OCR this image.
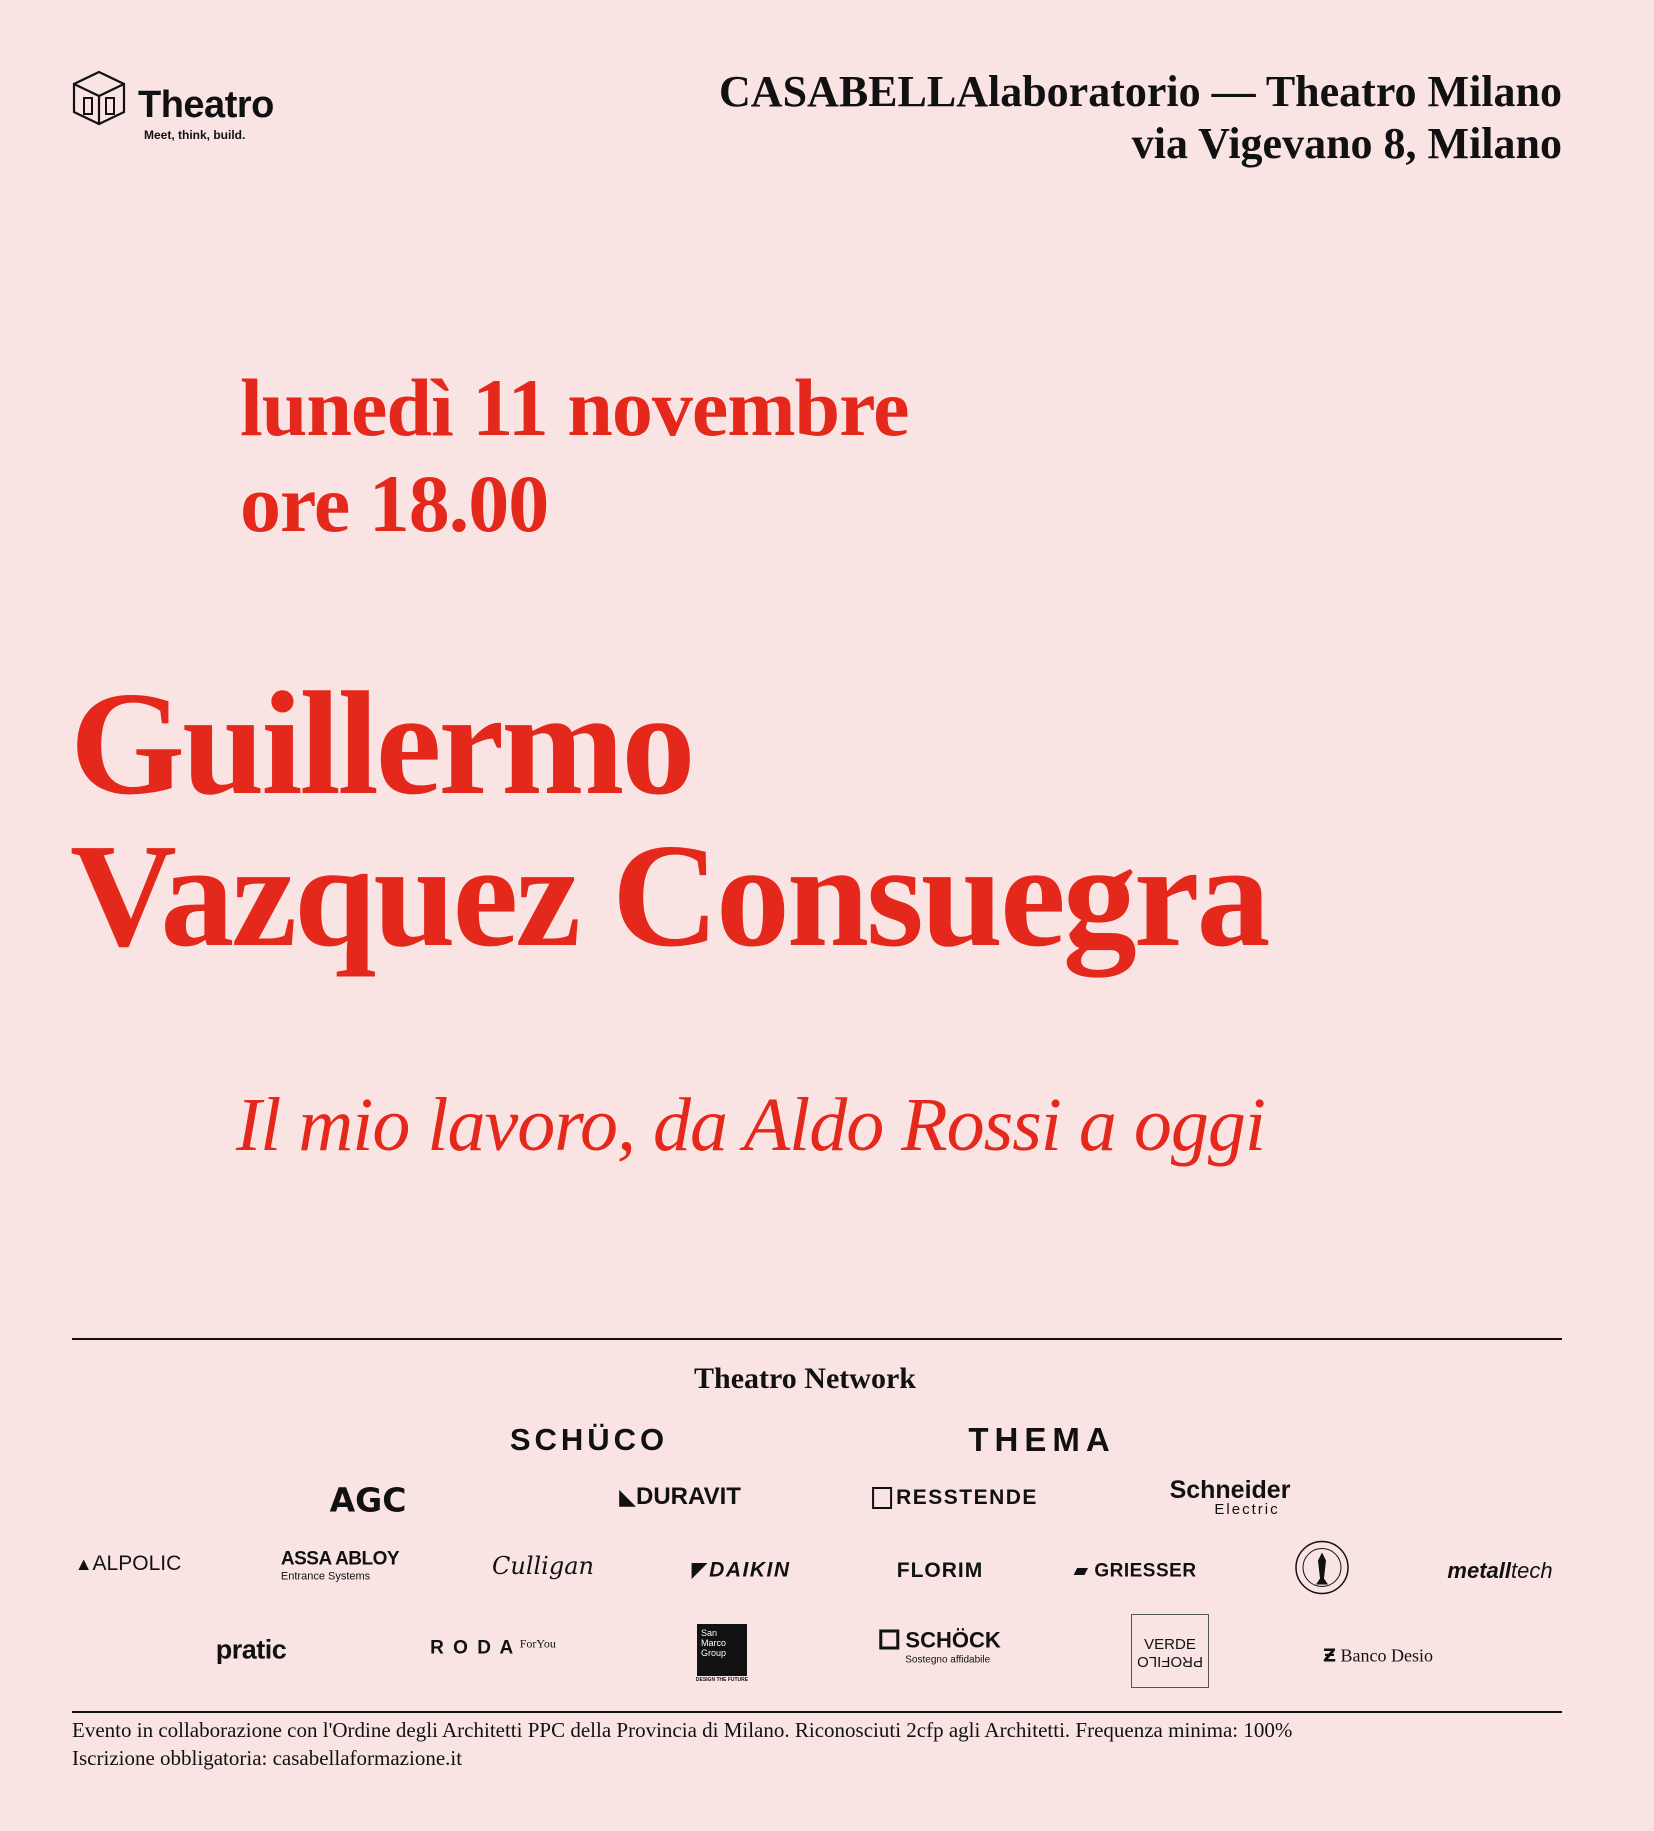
Theatro
Meet, think, build.
CASABELLAlaboratorio — Theatro Milano
via Vigevano 8, Milano
lunedì 11 novembre
ore 18.00
Guillermo
Vazquez Consuegra
Il mio lavoro, da Aldo Rossi a oggi
Theatro Network
SCHÜCO	THEMA
AGC	◣DURAVIT	RESSTENDE	Schneider
Electric
▲ALPOLIC	ASSA ABLOY
Entrance Systems	Culligan	◤DAIKIN	FLORIM	▰ GRIESSER	metalltech
pratic	R O D A $^{ForYou}$
San Marco Group
DESIGN THE FUTURE
SCHÖCK
Sostegno affidabile
VERDE
PROFILO	Ƶ Banco Desio
Evento in collaborazione con l'Ordine degli Architetti PPC della Provincia di Milano. Riconosciuti 2cfp agli Architetti. Frequenza minima: 100%
Iscrizione obbligatoria: casabellaformazione.it
